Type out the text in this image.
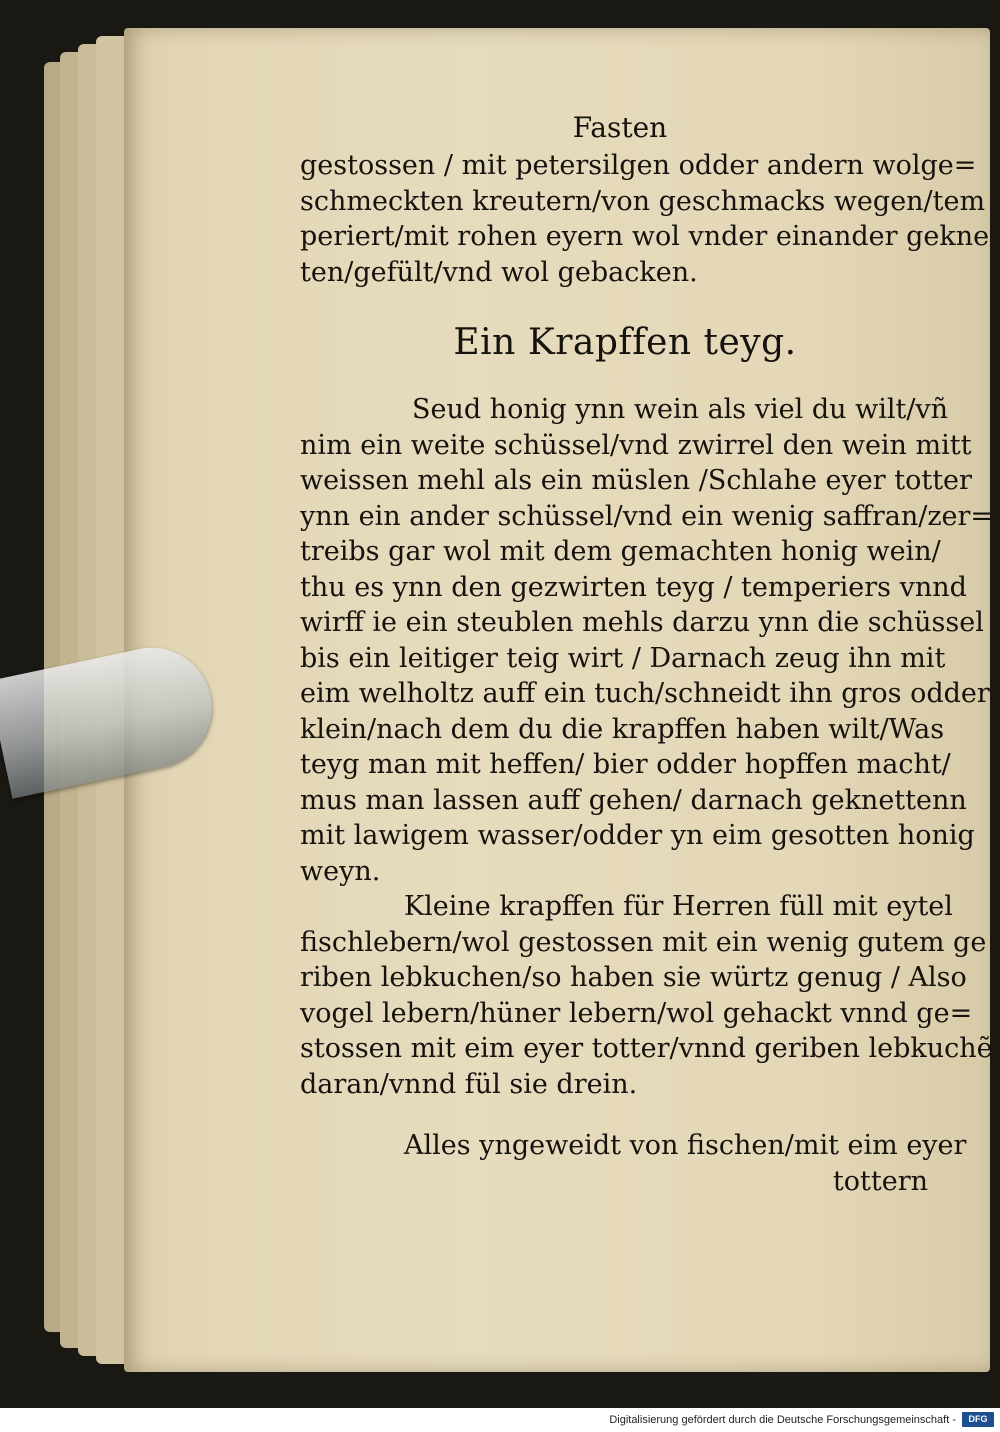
Fasten
gestossen / mit petersilgen odder andern wolge=
schmeckten kreutern/von geschmacks wegen/tem
periert/mit rohen eyern wol vnder einander gekne
ten/gefült/vnd wol gebacken.
Ein Krapffen teyg.
Seud honig ynn wein als viel du wilt/vñ
nim ein weite schüssel/vnd zwirrel den wein mitt
weissen mehl als ein müslen /Schlahe eyer totter
ynn ein ander schüssel/vnd ein wenig saffran/zer=
treibs gar wol mit dem gemachten honig wein/
thu es ynn den gezwirten teyg / temperiers vnnd
wirff ie ein steublen mehls darzu ynn die schüssel
bis ein leitiger teig wirt / Darnach zeug ihn mit
eim welholtz auff ein tuch/schneidt ihn gros odder
klein/nach dem du die krapffen haben wilt/Was
teyg man mit heffen/ bier odder hopffen macht/
mus man lassen auff gehen/ darnach geknettenn
mit lawigem wasser/odder yn eim gesotten honig
weyn.
Kleine krapffen für Herren füll mit eytel
fischlebern/wol gestossen mit ein wenig gutem ge
riben lebkuchen/so haben sie würtz genug / Also
vogel lebern/hüner lebern/wol gehackt vnnd ge=
stossen mit eim eyer totter/vnnd geriben lebkuchẽ
daran/vnnd fül sie drein.
Alles yngeweidt von fischen/mit eim eyer
tottern
Digitalisierung gefördert durch die Deutsche Forschungsgemeinschaft -	DFG
